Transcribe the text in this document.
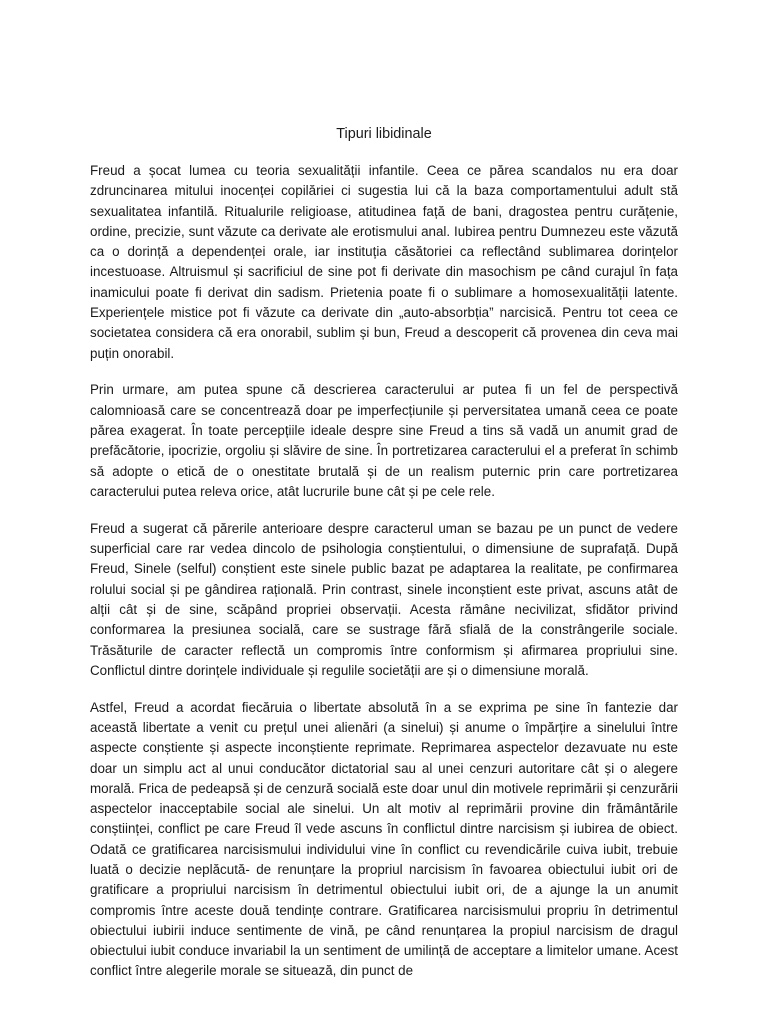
Tipuri libidinale

Freud a șocat lumea cu teoria sexualității infantile. Ceea ce părea scandalos nu era doar zdruncinarea mitului inocenței copilăriei ci sugestia lui că la baza comportamentului adult stă sexualitatea infantilă. Ritualurile religioase, atitudinea față de bani, dragostea pentru curățenie, ordine, precizie, sunt văzute ca derivate ale erotismului anal. Iubirea pentru Dumnezeu este văzută ca o dorință a dependenței orale, iar instituția căsătoriei ca reflectând sublimarea dorințelor incestuoase. Altruismul și sacrificiul de sine pot fi derivate din masochism pe când curajul în fața inamicului poate fi derivat din sadism. Prietenia poate fi o sublimare a homosexualității latente. Experiențele mistice pot fi văzute ca derivate din „auto-absorbția” narcisică. Pentru tot ceea ce societatea considera că era onorabil, sublim și bun, Freud a descoperit că provenea din ceva mai puțin onorabil.

Prin urmare, am putea spune că descrierea caracterului ar putea fi un fel de perspectivă calomnioasă care se concentrează doar pe imperfecțiunile și perversitatea umană ceea ce poate părea exagerat. În toate percepțiile ideale despre sine Freud a tins să vadă un anumit grad de prefăcătorie, ipocrizie, orgoliu și slăvire de sine. În portretizarea caracterului el a preferat în schimb să adopte o etică de o onestitate brutală și de un realism puternic prin care portretizarea caracterului putea releva orice, atât lucrurile bune cât și pe cele rele.

Freud a sugerat că părerile anterioare despre caracterul uman se bazau pe un punct de vedere superficial care rar vedea dincolo de psihologia conștientului, o dimensiune de suprafață. După Freud, Sinele (selful) conștient este sinele public bazat pe adaptarea la realitate, pe confirmarea rolului social și pe gândirea rațională. Prin contrast, sinele inconștient este privat, ascuns atât de alții cât și de sine, scăpând propriei observații. Acesta rămâne necivilizat, sfidător privind conformarea la presiunea socială, care se sustrage fără sfială de la constrângerile sociale. Trăsăturile de caracter reflectă un compromis între conformism și afirmarea propriului sine. Conflictul dintre dorințele individuale și regulile societății are și o dimensiune morală.

Astfel, Freud a acordat fiecăruia o libertate absolută în a se exprima pe sine în fantezie dar această libertate a venit cu prețul unei alienări (a sinelui) și anume o împărțire a sinelului între aspecte conștiente și aspecte inconștiente reprimate. Reprimarea aspectelor dezavuate nu este doar un simplu act al unui conducător dictatorial sau al unei cenzuri autoritare cât și o alegere morală. Frica de pedeapsă și de cenzură socială este doar unul din motivele reprimării și cenzurării aspectelor inacceptabile social ale sinelui. Un alt motiv al reprimării provine din frământările conștiinței, conflict pe care Freud îl vede ascuns în conflictul dintre narcisism și iubirea de obiect. Odată ce gratificarea narcisismului individului vine în conflict cu revendicările cuiva iubit, trebuie luată o decizie neplăcută- de renunțare la propriul narcisism în favoarea obiectului iubit ori de gratificare a propriului narcisism în detrimentul obiectului iubit ori, de a ajunge la un anumit compromis între aceste două tendințe contrare. Gratificarea narcisismului propriu în detrimentul obiectului iubirii induce sentimente de vină, pe când renunțarea la propiul narcisism de dragul obiectului iubit conduce invariabil la un sentiment de umilință de acceptare a limitelor umane. Acest conflict între alegerile morale se situează, din punct de
